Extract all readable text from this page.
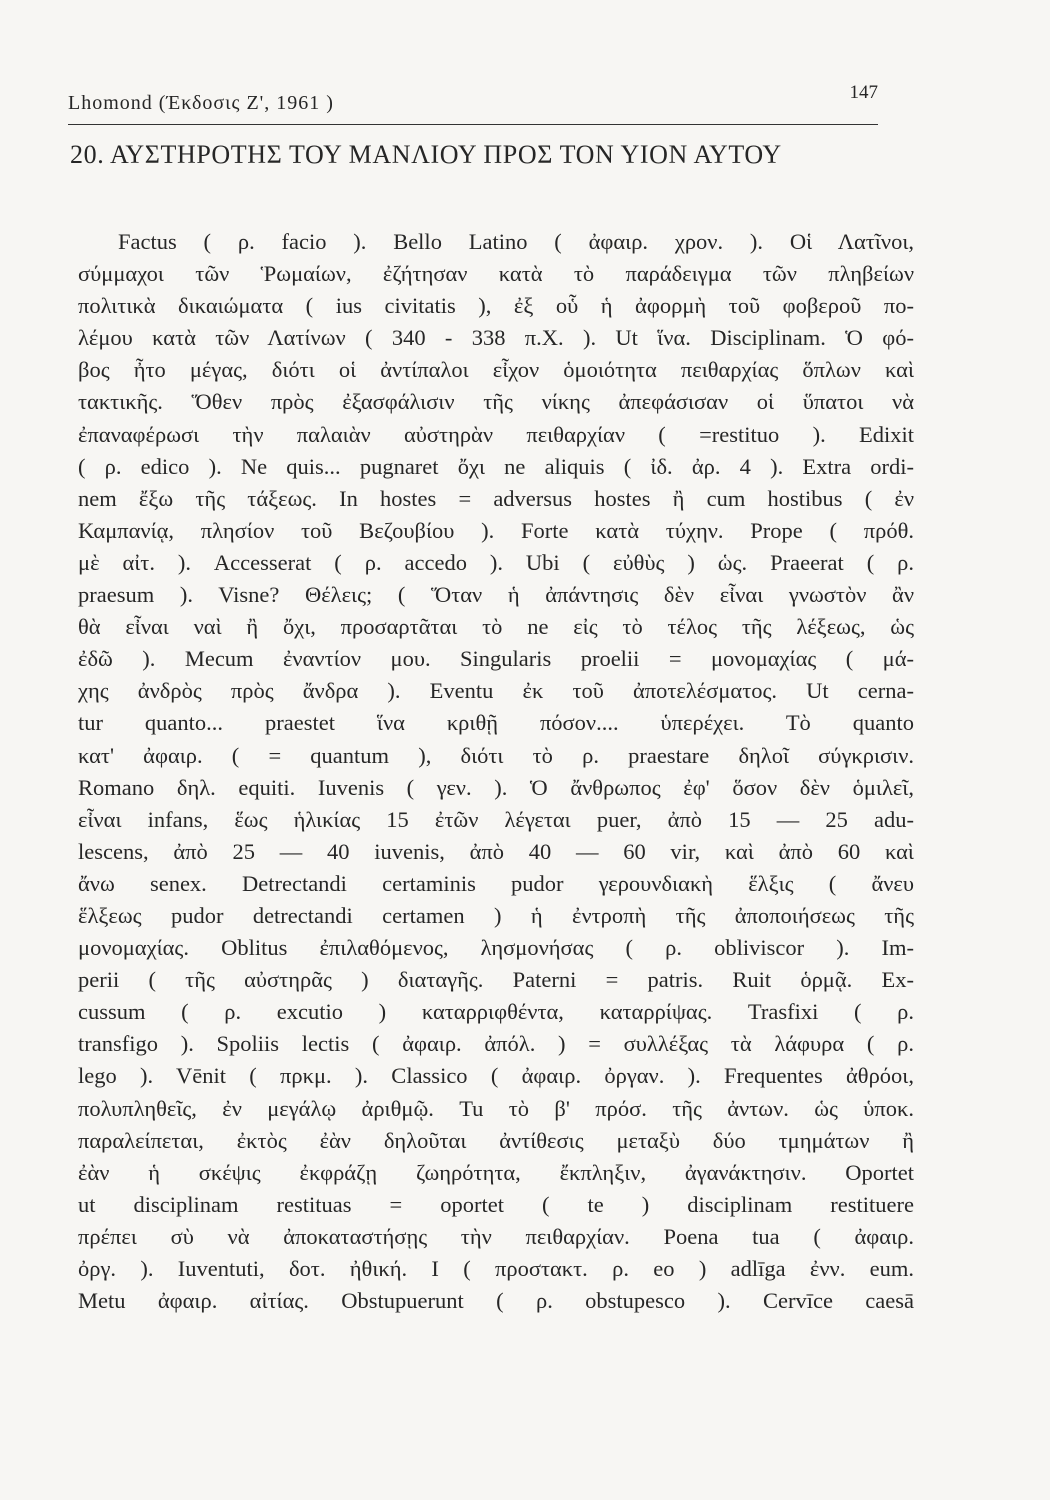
Lhomond (Έκδοσις Ζ', 1961 )	147
20. ΑΥΣΤΗΡΟΤΗΣ ΤΟΥ ΜΑΝΛΙΟΥ ΠΡΟΣ ΤΟΝ ΥΙΟΝ ΑΥΤΟΥ
Factus ( ρ. facio ). Bello Latino ( ἀφαιρ. χρον. ). Οἱ Λατῖνοι,
σύμμαχοι τῶν Ῥωμαίων, ἐζήτησαν κατὰ τὸ παράδειγμα τῶν πληβείων
πολιτικὰ δικαιώματα ( ius civitatis ), ἐξ οὗ ἡ ἀφορμὴ τοῦ φοβεροῦ πο-
λέμου κατὰ τῶν Λατίνων ( 340 - 338 π.Χ. ). Ut ἵνα. Disciplinam. Ὁ φό-
βος ἦτο μέγας, διότι οἱ ἀντίπαλοι εἶχον ὁμοιότητα πειθαρχίας ὅπλων καὶ
τακτικῆς. Ὅθεν πρὸς ἐξασφάλισιν τῆς νίκης ἀπεφάσισαν οἱ ὕπατοι νὰ
ἐπαναφέρωσι τὴν παλαιὰν αὐστηρὰν πειθαρχίαν ( =restituo ). Edixit
( ρ. edico ). Ne quis... pugnaret ὄχι ne aliquis ( ἰδ. ἀρ. 4 ). Extra ordi-
nem ἔξω τῆς τάξεως. In hostes = adversus hostes ἢ cum hostibus ( ἐν
Καμπανίᾳ, πλησίον τοῦ Βεζουβίου ). Forte κατὰ τύχην. Prope ( πρόθ.
μὲ αἰτ. ). Accesserat ( ρ. accedo ). Ubi ( εὐθὺς ) ὡς. Praeerat ( ρ.
praesum ). Visne? Θέλεις; ( Ὅταν ἡ ἀπάντησις δὲν εἶναι γνωστὸν ἂν
θὰ εἶναι ναὶ ἢ ὄχι, προσαρτᾶται τὸ ne εἰς τὸ τέλος τῆς λέξεως, ὡς
ἐδῶ ). Mecum ἐναντίον μου. Singularis proelii = μονομαχίας ( μά-
χης ἀνδρὸς πρὸς ἄνδρα ). Eventu ἐκ τοῦ ἀποτελέσματος. Ut cerna-
tur quanto... praestet ἵνα κριθῇ πόσον.... ὑπερέχει. Τὸ quanto
κατ' ἀφαιρ. ( = quantum ), διότι τὸ ρ. praestare δηλοῖ σύγκρισιν.
Romano δηλ. equiti. Iuvenis ( γεν. ). Ὁ ἄνθρωπος ἐφ' ὅσον δὲν ὁμιλεῖ,
εἶναι infans, ἕως ἡλικίας 15 ἐτῶν λέγεται puer, ἀπὸ 15 — 25 adu-
lescens, ἀπὸ 25 — 40 iuvenis, ἀπὸ 40 — 60 vir, καὶ ἀπὸ 60 καὶ
ἄνω senex. Detrectandi certaminis pudor γερουνδιακὴ ἕλξις ( ἄνευ
ἕλξεως pudor detrectandi certamen ) ἡ ἐντροπὴ τῆς ἀποποιήσεως τῆς
μονομαχίας. Oblitus ἐπιλαθόμενος, λησμονήσας ( ρ. obliviscor ). Im-
perii ( τῆς αὐστηρᾶς ) διαταγῆς. Paterni = patris. Ruit ὁρμᾷ. Ex-
cussum ( ρ. excutio ) καταρριφθέντα, καταρρίψας. Trasfixi ( ρ.
transfigo ). Spoliis lectis ( ἀφαιρ. ἀπόλ. ) = συλλέξας τὰ λάφυρα ( ρ.
lego ). Vēnit ( πρκμ. ). Classico ( ἀφαιρ. ὀργαν. ). Frequentes ἀθρόοι,
πολυπληθεῖς, ἐν μεγάλῳ ἀριθμῷ. Tu τὸ β' πρόσ. τῆς ἀντων. ὡς ὑποκ.
παραλείπεται, ἐκτὸς ἐὰν δηλοῦται ἀντίθεσις μεταξὺ δύο τμημάτων ἢ
ἐὰν ἡ σκέψις ἐκφράζῃ ζωηρότητα, ἔκπληξιν, ἀγανάκτησιν. Oportet
ut disciplinam restituas = oportet ( te ) disciplinam restituere
πρέπει σὺ νὰ ἀποκαταστήσῃς τὴν πειθαρχίαν. Poena tua ( ἀφαιρ.
ὀργ. ). Iuventuti, δοτ. ἠθική. I ( προστακτ. ρ. eo ) adlīga ἐνν. eum.
Metu ἀφαιρ. αἰτίας. Obstupuerunt ( ρ. obstupesco ). Cervīce caesā
